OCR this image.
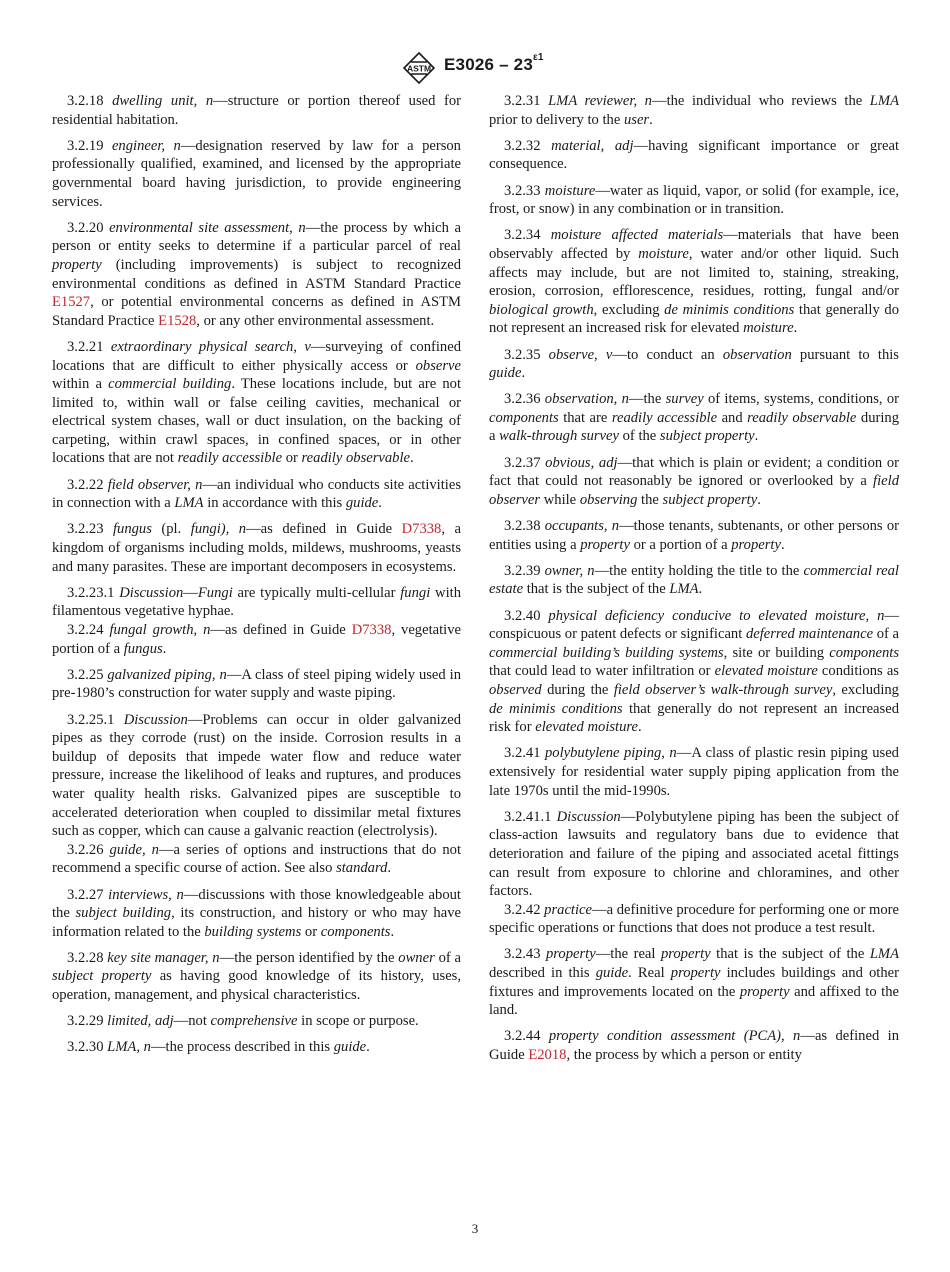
ASTM $E3026 - 23^{\varepsilon 1}$

3.2.18 dwelling unit, n—structure or portion thereof used for residential habitation.

3.2.19 engineer, n—designation reserved by law for a person professionally qualified, examined, and licensed by the appropriate governmental board having jurisdiction, to provide engineering services.

3.2.20 environmental site assessment, n—the process by which a person or entity seeks to determine if a particular parcel of real property (including improvements) is subject to recognized environmental conditions as defined in ASTM Standard Practice E1527, or potential environmental concerns as defined in ASTM Standard Practice E1528, or any other environmental assessment.

3.2.21 extraordinary physical search, v—surveying of confined locations that are difficult to either physically access or observe within a commercial building. These locations include, but are not limited to, within wall or false ceiling cavities, mechanical or electrical system chases, wall or duct insulation, on the backing of carpeting, within crawl spaces, in confined spaces, or in other locations that are not readily accessible or readily observable.

3.2.22 field observer, n—an individual who conducts site activities in connection with a LMA in accordance with this guide.

3.2.23 fungus (pl. fungi), n—as defined in Guide D7338, a kingdom of organisms including molds, mildews, mushrooms, yeasts and many parasites. These are important decomposers in ecosystems.

3.2.23.1 Discussion—Fungi are typically multi-cellular fungi with filamentous vegetative hyphae.

3.2.24 fungal growth, n—as defined in Guide D7338, vegetative portion of a fungus.

3.2.25 galvanized piping, n—A class of steel piping widely used in pre-1980’s construction for water supply and waste piping.

3.2.25.1 Discussion—Problems can occur in older galvanized pipes as they corrode (rust) on the inside. Corrosion results in a buildup of deposits that impede water flow and reduce water pressure, increase the likelihood of leaks and ruptures, and produces water quality health risks. Galvanized pipes are susceptible to accelerated deterioration when coupled to dissimilar metal fixtures such as copper, which can cause a galvanic reaction (electrolysis).

3.2.26 guide, n—a series of options and instructions that do not recommend a specific course of action. See also standard.

3.2.27 interviews, n—discussions with those knowledgeable about the subject building, its construction, and history or who may have information related to the building systems or components.

3.2.28 key site manager, n—the person identified by the owner of a subject property as having good knowledge of its history, uses, operation, management, and physical characteristics.

3.2.29 limited, adj—not comprehensive in scope or purpose.

3.2.30 LMA, n—the process described in this guide.

3.2.31 LMA reviewer, n—the individual who reviews the LMA prior to delivery to the user.

3.2.32 material, adj—having significant importance or great consequence.

3.2.33 moisture—water as liquid, vapor, or solid (for example, ice, frost, or snow) in any combination or in transition.

3.2.34 moisture affected materials—materials that have been observably affected by moisture, water and/or other liquid. Such affects may include, but are not limited to, staining, streaking, erosion, corrosion, efflorescence, residues, rotting, fungal and/or biological growth, excluding de minimis conditions that generally do not represent an increased risk for elevated moisture.

3.2.35 observe, v—to conduct an observation pursuant to this guide.

3.2.36 observation, n—the survey of items, systems, conditions, or components that are readily accessible and readily observable during a walk-through survey of the subject property.

3.2.37 obvious, adj—that which is plain or evident; a condition or fact that could not reasonably be ignored or overlooked by a field observer while observing the subject property.

3.2.38 occupants, n—those tenants, subtenants, or other persons or entities using a property or a portion of a property.

3.2.39 owner, n—the entity holding the title to the commercial real estate that is the subject of the LMA.

3.2.40 physical deficiency conducive to elevated moisture, n—conspicuous or patent defects or significant deferred maintenance of a commercial building’s building systems, site or building components that could lead to water infiltration or elevated moisture conditions as observed during the field observer’s walk-through survey, excluding de minimis conditions that generally do not represent an increased risk for elevated moisture.

3.2.41 polybutylene piping, n—A class of plastic resin piping used extensively for residential water supply piping application from the late 1970s until the mid-1990s.

3.2.41.1 Discussion—Polybutylene piping has been the subject of class-action lawsuits and regulatory bans due to evidence that deterioration and failure of the piping and associated acetal fittings can result from exposure to chlorine and chloramines, and other factors.

3.2.42 practice—a definitive procedure for performing one or more specific operations or functions that does not produce a test result.

3.2.43 property—the real property that is the subject of the LMA described in this guide. Real property includes buildings and other fixtures and improvements located on the property and affixed to the land.

3.2.44 property condition assessment (PCA), n—as defined in Guide E2018, the process by which a person or entity

3
